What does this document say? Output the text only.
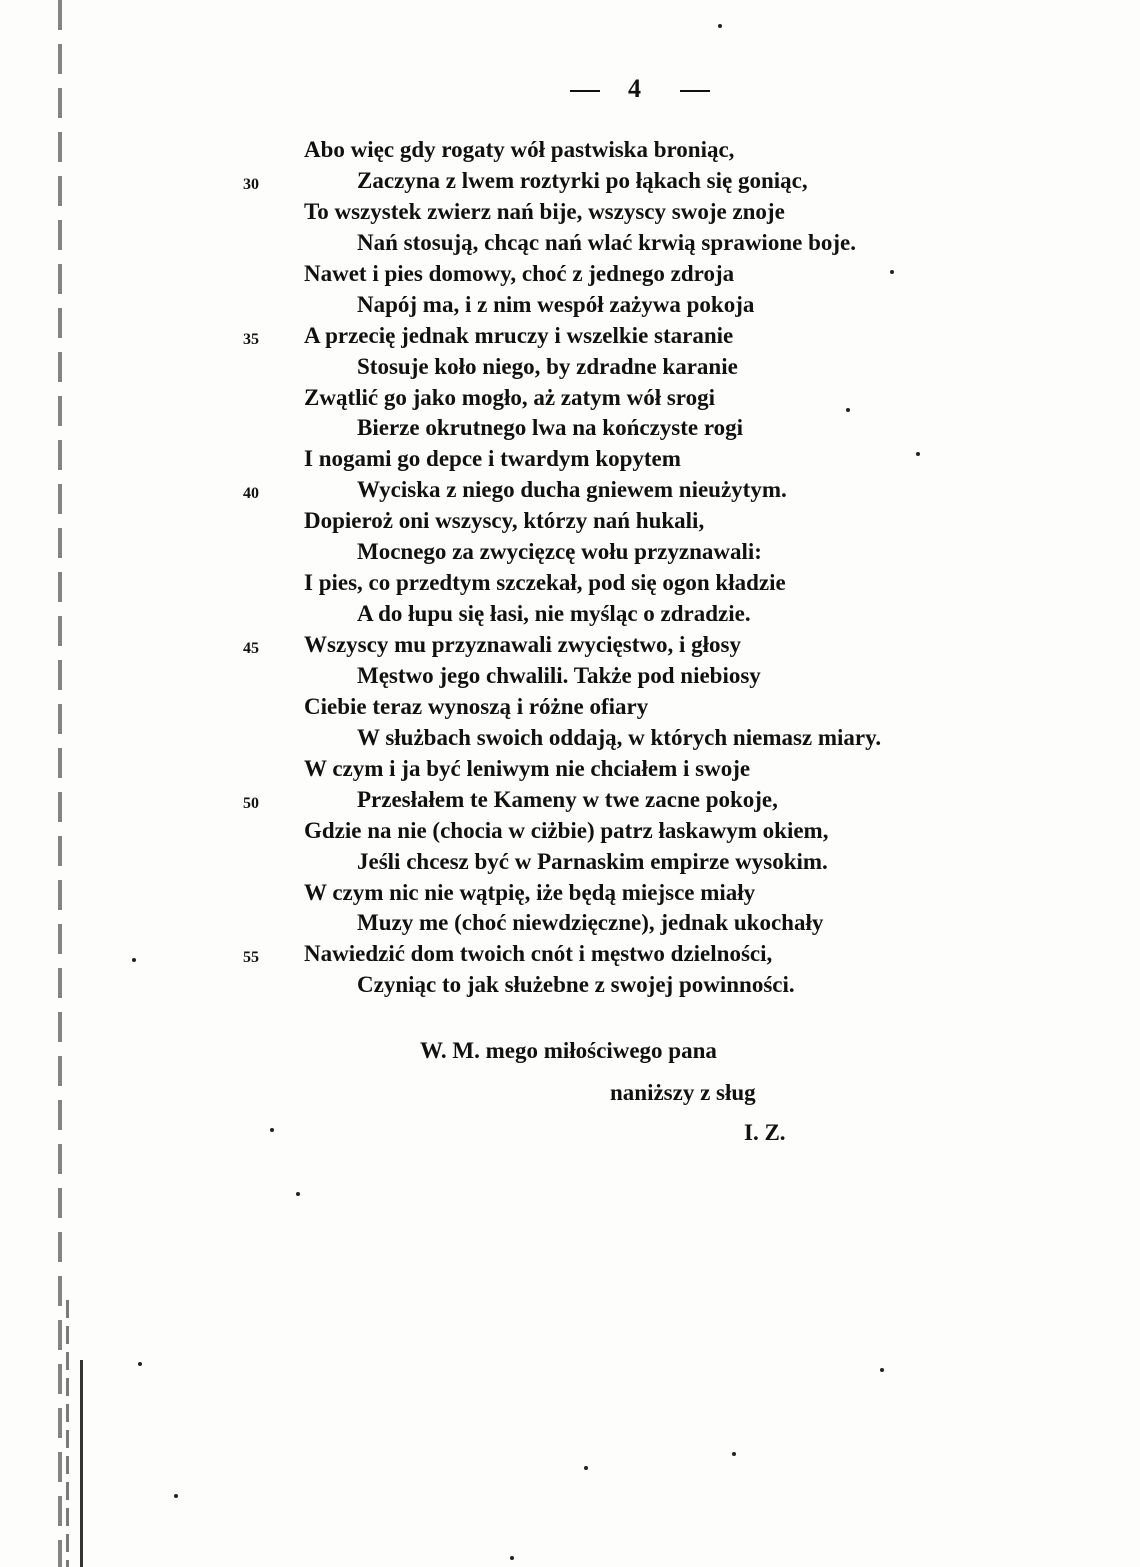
4
Abo więc gdy rogaty wół pastwiska broniąc,
30	Zaczyna z lwem roztyrki po łąkach się goniąc,
To wszystek zwierz nań bije, wszyscy swoje znoje
Nań stosują, chcąc nań wlać krwią sprawione boje.
Nawet i pies domowy, choć z jednego zdroja
Napój ma, i z nim wespół zażywa pokoja
35 A przecię jednak mruczy i wszelkie staranie
Stosuje koło niego, by zdradne karanie
Zwątlić go jako mogło, aż zatym wół srogi
Bierze okrutnego lwa na kończyste rogi
I nogami go depce i twardym kopytem
40	Wyciska z niego ducha gniewem nieużytym.
Dopieroż oni wszyscy, którzy nań hukali,
Mocnego za zwycięzcę wołu przyznawali:
I pies, co przedtym szczekał, pod się ogon kładzie
A do łupu się łasi, nie myśląc o zdradzie.
45 Wszyscy mu przyznawali zwycięstwo, i głosy
Męstwo jego chwalili. Także pod niebiosy
Ciebie teraz wynoszą i różne ofiary
W służbach swoich oddają, w których niemasz miary.
W czym i ja być leniwym nie chciałem i swoje
50	Przesłałem te Kameny w twe zacne pokoje,
Gdzie na nie (chocia w ciżbie) patrz łaskawym okiem,
Jeśli chcesz być w Parnaskim empirze wysokim.
W czym nic nie wątpię, iże będą miejsce miały
Muzy me (choć niewdzięczne), jednak ukochały
55 Nawiedzić dom twoich cnót i męstwo dzielności,
Czyniąc to jak służebne z swojej powinności.
W. M. mego miłościwego pana
naniższy z sług
I. Z.
